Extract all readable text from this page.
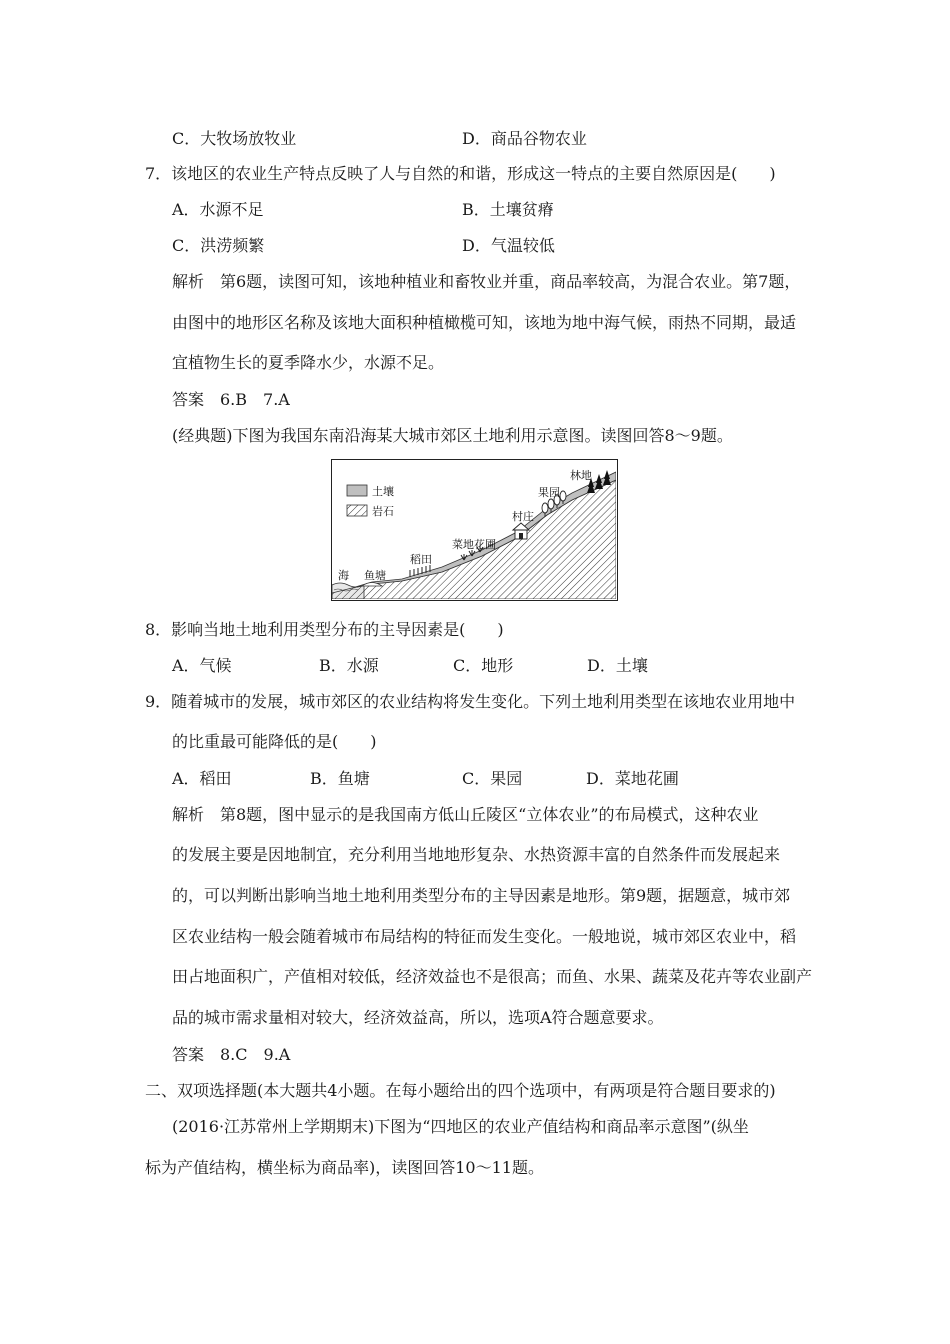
C．大牧场放牧业	D．商品谷物农业
7．该地区的农业生产特点反映了人与自然的和谐，形成这一特点的主要自然原因是(　　)
A．水源不足	B．土壤贫瘠
C．洪涝频繁	D．气温较低
解析　第6题，读图可知，该地种植业和畜牧业并重，商品率较高，为混合农业。第7题，
由图中的地形区名称及该地大面积种植橄榄可知，该地为地中海气候，雨热不同期，最适
宜植物生长的夏季降水少，水源不足。
答案　6.B　7.A
(经典题)下图为我国东南沿海某大城市郊区土地利用示意图。读图回答8～9题。
土壤
岩石
海 鱼塘
稻田
菜地花圃
村庄
果园
林地
8．影响当地土地利用类型分布的主导因素是(　　)
A．气候	B．水源	C．地形	D．土壤
9．随着城市的发展，城市郊区的农业结构将发生变化。下列土地利用类型在该地农业用地中
的比重最可能降低的是(　　)
A．稻田	B．鱼塘	C．果园	D．菜地花圃
解析　第8题，图中显示的是我国南方低山丘陵区“立体农业”的布局模式，这种农业
的发展主要是因地制宜，充分利用当地地形复杂、水热资源丰富的自然条件而发展起来
的，可以判断出影响当地土地利用类型分布的主导因素是地形。第9题，据题意，城市郊
区农业结构一般会随着城市布局结构的特征而发生变化。一般地说，城市郊区农业中，稻
田占地面积广，产值相对较低，经济效益也不是很高；而鱼、水果、蔬菜及花卉等农业副产
品的城市需求量相对较大，经济效益高，所以，选项A符合题意要求。
答案　8.C　9.A
二、双项选择题(本大题共4小题。在每小题给出的四个选项中，有两项是符合题目要求的)
(2016·江苏常州上学期期末)下图为“四地区的农业产值结构和商品率示意图”(纵坐
标为产值结构，横坐标为商品率)，读图回答10～11题。
